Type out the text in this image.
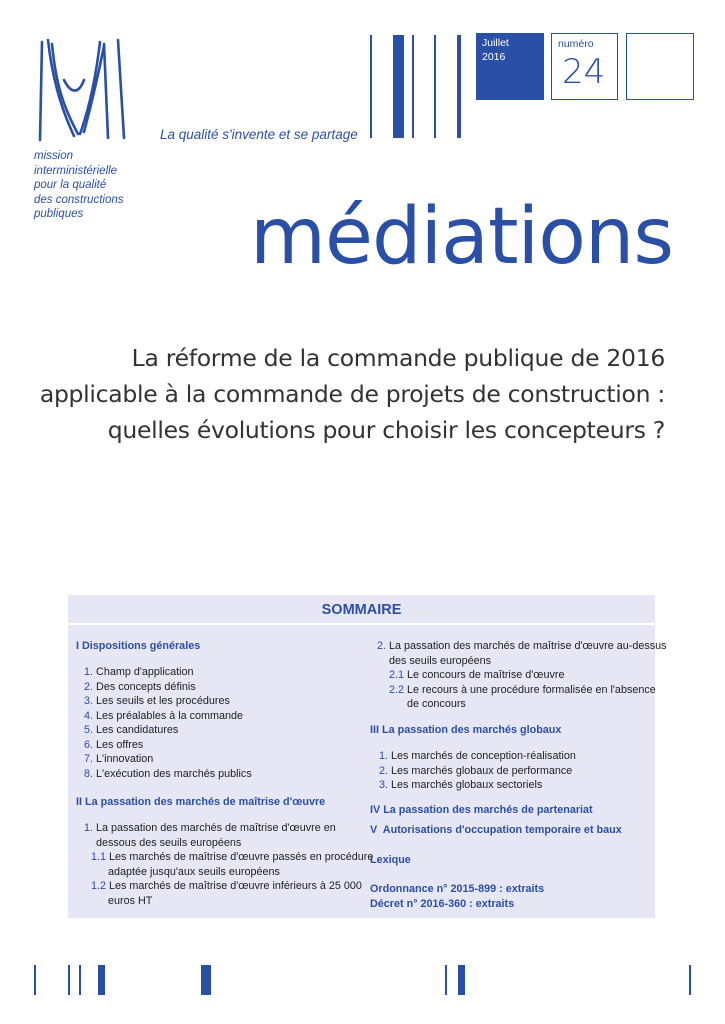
mission
interministérielle
pour la qualité
des constructions
publiques
La qualité s'invente et se partage
Juillet
2016
numéro
24
médiations
La réforme de la commande publique de 2016
applicable à la commande de projets de construction :
quelles évolutions pour choisir les concepteurs ?
SOMMAIRE
I Dispositions générales
1. Champ d'application
2. Des concepts définis
3. Les seuils et les procédures
4. Les préalables à la commande
5. Les candidatures
6. Les offres
7. L'innovation
8. L'exécution des marchés publics
II La passation des marchés de maîtrise d'œuvre
1. La passation des marchés de maîtrise d'œuvre en
dessous des seuils européens
1.1 Les marchés de maîtrise d'œuvre passés en procédure
adaptée jusqu'aux seuils européens
1.2 Les marchés de maîtrise d'œuvre inférieurs à 25 000
euros HT
2. La passation des marchés de maîtrise d'œuvre au-dessus
des seuils européens
2.1 Le concours de maîtrise d'œuvre
2.2 Le recours à une procédure formalisée en l'absence
de concours
III La passation des marchés globaux
1. Les marchés de conception-réalisation
2. Les marchés globaux de performance
3. Les marchés globaux sectoriels
IV La passation des marchés de partenariat
V  Autorisations d'occupation temporaire et baux
Lexique
Ordonnance n° 2015-899 : extraits
Décret n° 2016-360 : extraits
